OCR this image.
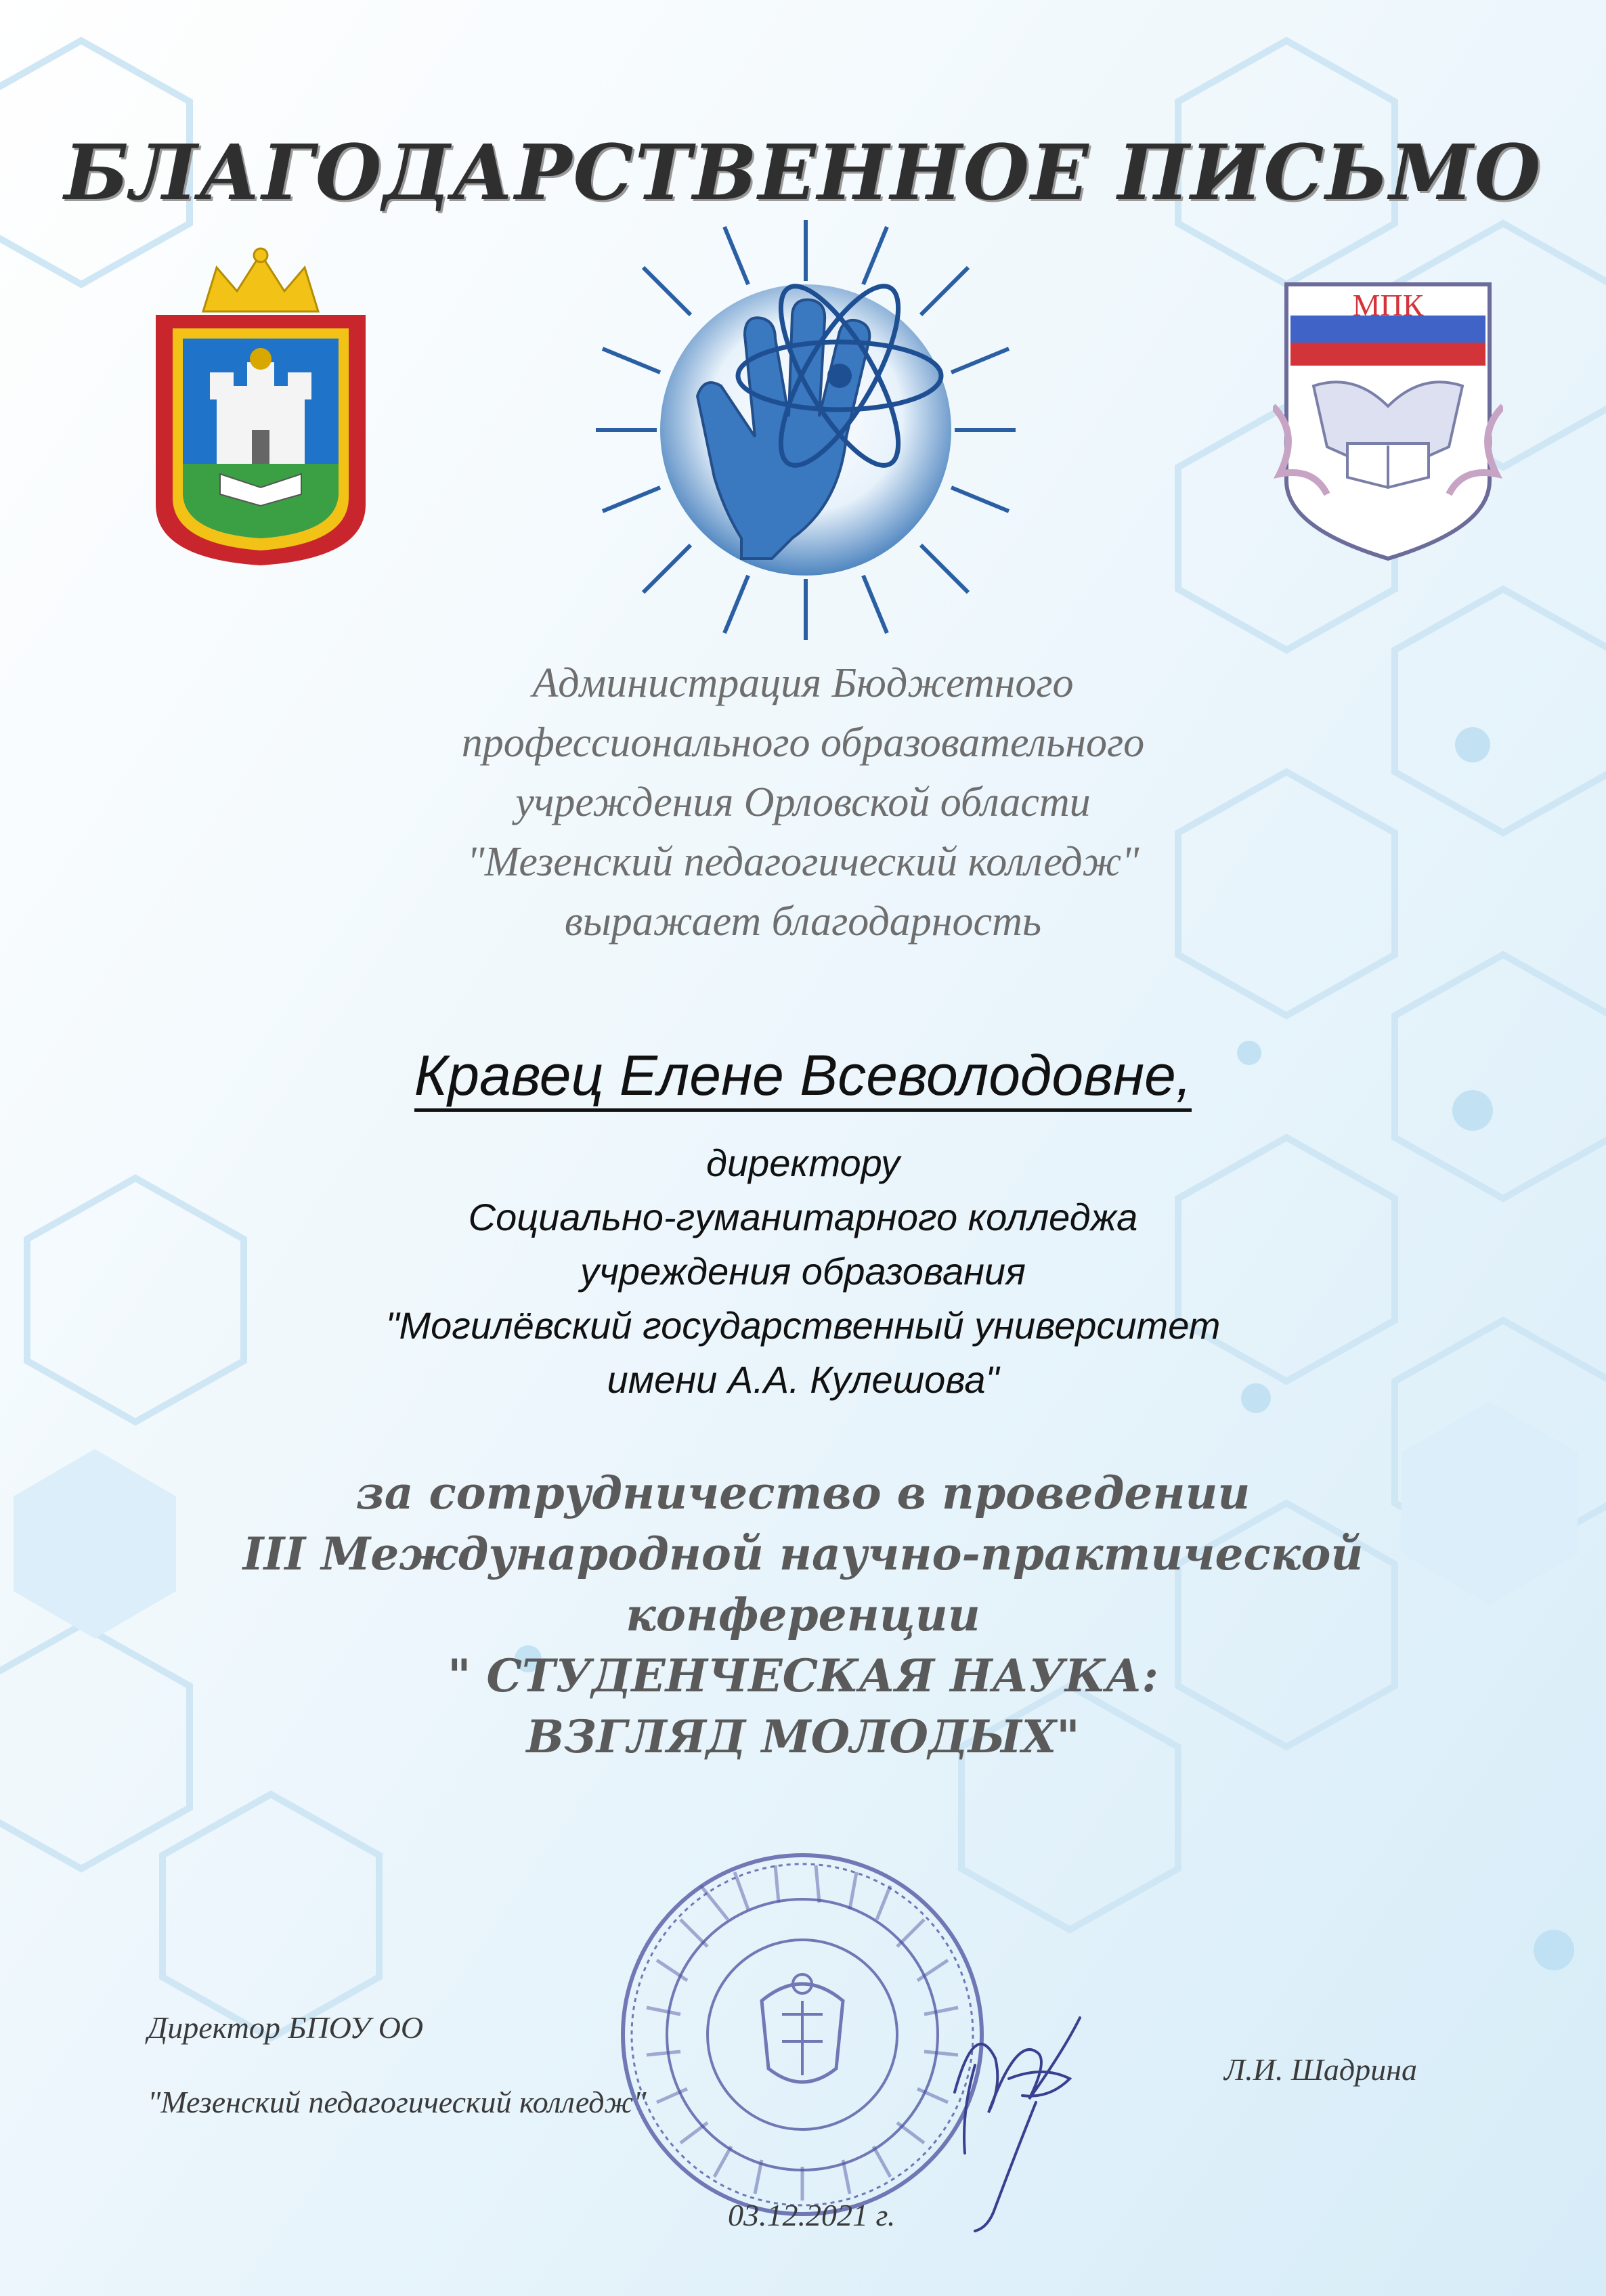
БЛАГОДАРСТВЕННОЕ ПИСЬМО
МПК
Администрация Бюджетного
профессионального образовательного
учреждения Орловской области
"Мезенский педагогический колледж"
выражает благодарность
Кравец Елене Всеволодовне,
директору
Социально-гуманитарного колледжа
учреждения образования
"Могилёвский государственный университет
имени А.А. Кулешова"
за сотрудничество в проведении
III Международной научно-практической
конференции
" СТУДЕНЧЕСКАЯ НАУКА:
ВЗГЛЯД МОЛОДЫХ"
Директор БПОУ ОО
"Мезенский педагогический колледж"
Л.И. Шадрина
03.12.2021 г.
